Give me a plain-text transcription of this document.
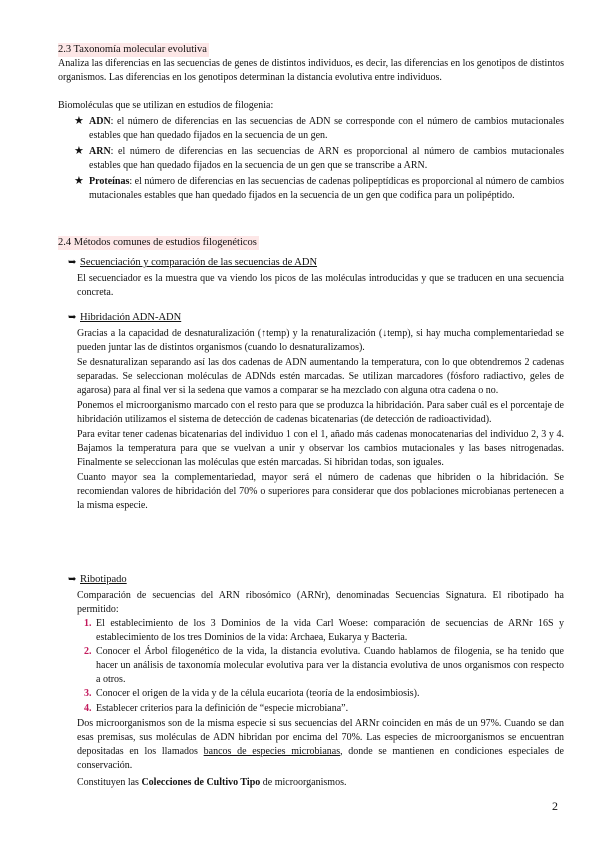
2.3 Taxonomía molecular evolutiva

Analiza las diferencias en las secuencias de genes de distintos individuos, es decir, las diferencias en los genotipos de distintos organismos. Las diferencias en los genotipos determinan la distancia evolutiva entre individuos.

Biomoléculas que se utilizan en estudios de filogenia:
★ ADN: el número de diferencias en las secuencias de ADN se corresponde con el número de cambios mutacionales estables que han quedado fijados en la secuencia de un gen.
★ ARN: el número de diferencias en las secuencias de ARN es proporcional al número de cambios mutacionales estables que han quedado fijados en la secuencia de un gen que se transcribe a ARN.
★ Proteínas: el número de diferencias en las secuencias de cadenas polipeptídicas es proporcional al número de cambios mutacionales estables que han quedado fijados en la secuencia de un gen que codifica para un polipéptido.
2.4 Métodos comunes de estudios filogenéticos
➥ Secuenciación y comparación de las secuencias de ADN
El secuenciador es la muestra que va viendo los picos de las moléculas introducidas y que se traducen en una secuencia concreta.
➥ Hibridación ADN-ADN

Gracias a la capacidad de desnaturalización (↑temp) y la renaturalización (↓temp), si hay mucha complementariedad se pueden juntar las de distintos organismos (cuando lo desnaturalizamos).

Se desnaturalizan separando así las dos cadenas de ADN aumentando la temperatura, con lo que obtendremos 2 cadenas separadas. Se seleccionan moléculas de ADNds estén marcadas. Se utilizan marcadores (fósforo radiactivo, geles de agarosa) para al final ver si la sedena que vamos a comparar se ha mezclado con alguna otra cadena o no.

Ponemos el microorganismo marcado con el resto para que se produzca la hibridación. Para saber cuál es el porcentaje de hibridación utilizamos el sistema de detección de cadenas bicatenarias (de detección de radioactividad).

Para evitar tener cadenas bicatenarias del individuo 1 con el 1, añado más cadenas monocatenarias del individuo 2, 3 y 4. Bajamos la temperatura para que se vuelvan a unir y observar los cambios mutacionales y las bases nitrogenadas. Finalmente se seleccionan las moléculas que estén marcadas. Si hibridan todas, son iguales.

Cuanto mayor sea la complementariedad, mayor será el número de cadenas que hibriden o la hibridación. Se recomiendan valores de hibridación del 70% o superiores para considerar que dos poblaciones microbianas pertenecen a la misma especie.

➥ Ribotipado
Comparación de secuencias del ARN ribosómico (ARNr), denominadas Secuencias Signatura. El ribotipado ha permitido:
1. El establecimiento de los 3 Dominios de la vida Carl Woese: comparación de secuencias de ARNr 16S y establecimiento de los tres Dominios de la vida: Archaea, Eukarya y Bacteria.
2. Conocer el Árbol filogenético de la vida, la distancia evolutiva. Cuando hablamos de filogenia, se ha tenido que hacer un análisis de taxonomía molecular evolutiva para ver la distancia evolutiva de unos organismos con respecto a otros.
3. Conocer el origen de la vida y de la célula eucariota (teoría de la endosimbiosis).
4. Establecer criterios para la definición de “especie microbiana”.
Dos microorganismos son de la misma especie si sus secuencias del ARNr coinciden en más de un 97%. Cuando se dan esas premisas, sus moléculas de ADN hibridan por encima del 70%. Las especies de microorganismos se encuentran depositadas en los llamados bancos de especies microbianas, donde se mantienen en condiciones especiales de conservación.
Constituyen las Colecciones de Cultivo Tipo de microorganismos.
2
